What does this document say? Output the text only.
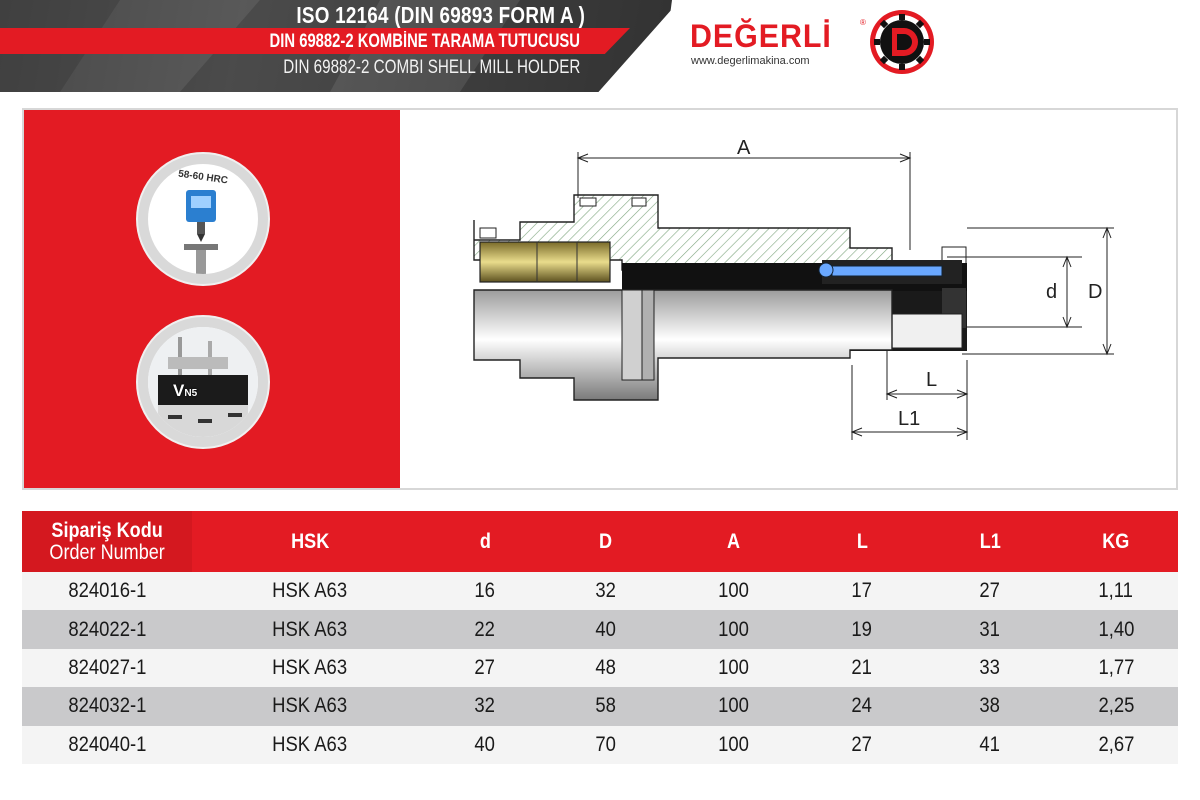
ISO 12164 (DIN 69893 FORM A )
DIN 69882-2 KOMBİNE TARAMA TUTUCUSU
DIN 69882-2 COMBI SHELL MILL HOLDER
DEĞERLİ	®
www.degerlimakina.com
58-60 HRC
VN5
A
d D
L
L1
Sipariş Kodu
Order Number	HSK	d	D	A	L	L1	KG
824016-1	HSK A63	16	32	100	17	27	1,11
824022-1	HSK A63	22	40	100	19	31	1,40
824027-1	HSK A63	27	48	100	21	33	1,77
824032-1	HSK A63	32	58	100	24	38	2,25
824040-1	HSK A63	40	70	100	27	41	2,67
